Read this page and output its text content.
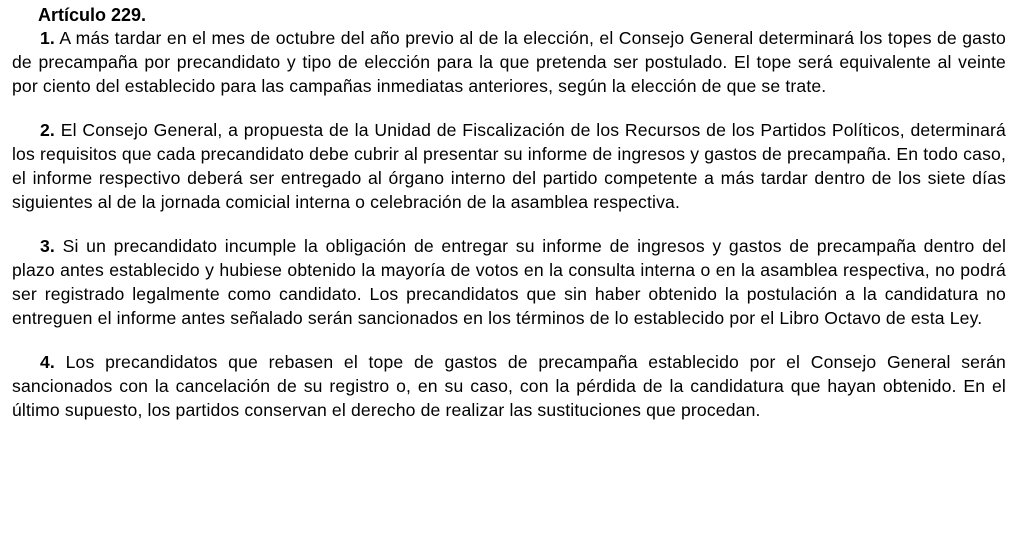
Artículo 229.

1. A más tardar en el mes de octubre del año previo al de la elección, el Consejo General determinará los topes de gasto de precampaña por precandidato y tipo de elección para la que pretenda ser postulado. El tope será equivalente al veinte por ciento del establecido para las campañas inmediatas anteriores, según la elección de que se trate.

2. El Consejo General, a propuesta de la Unidad de Fiscalización de los Recursos de los Partidos Políticos, determinará los requisitos que cada precandidato debe cubrir al presentar su informe de ingresos y gastos de precampaña. En todo caso, el informe respectivo deberá ser entregado al órgano interno del partido competente a más tardar dentro de los siete días siguientes al de la jornada comicial interna o celebración de la asamblea respectiva.

3. Si un precandidato incumple la obligación de entregar su informe de ingresos y gastos de precampaña dentro del plazo antes establecido y hubiese obtenido la mayoría de votos en la consulta interna o en la asamblea respectiva, no podrá ser registrado legalmente como candidato. Los precandidatos que sin haber obtenido la postulación a la candidatura no entreguen el informe antes señalado serán sancionados en los términos de lo establecido por el Libro Octavo de esta Ley.

4. Los precandidatos que rebasen el tope de gastos de precampaña establecido por el Consejo General serán sancionados con la cancelación de su registro o, en su caso, con la pérdida de la candidatura que hayan obtenido. En el último supuesto, los partidos conservan el derecho de realizar las sustituciones que procedan.
